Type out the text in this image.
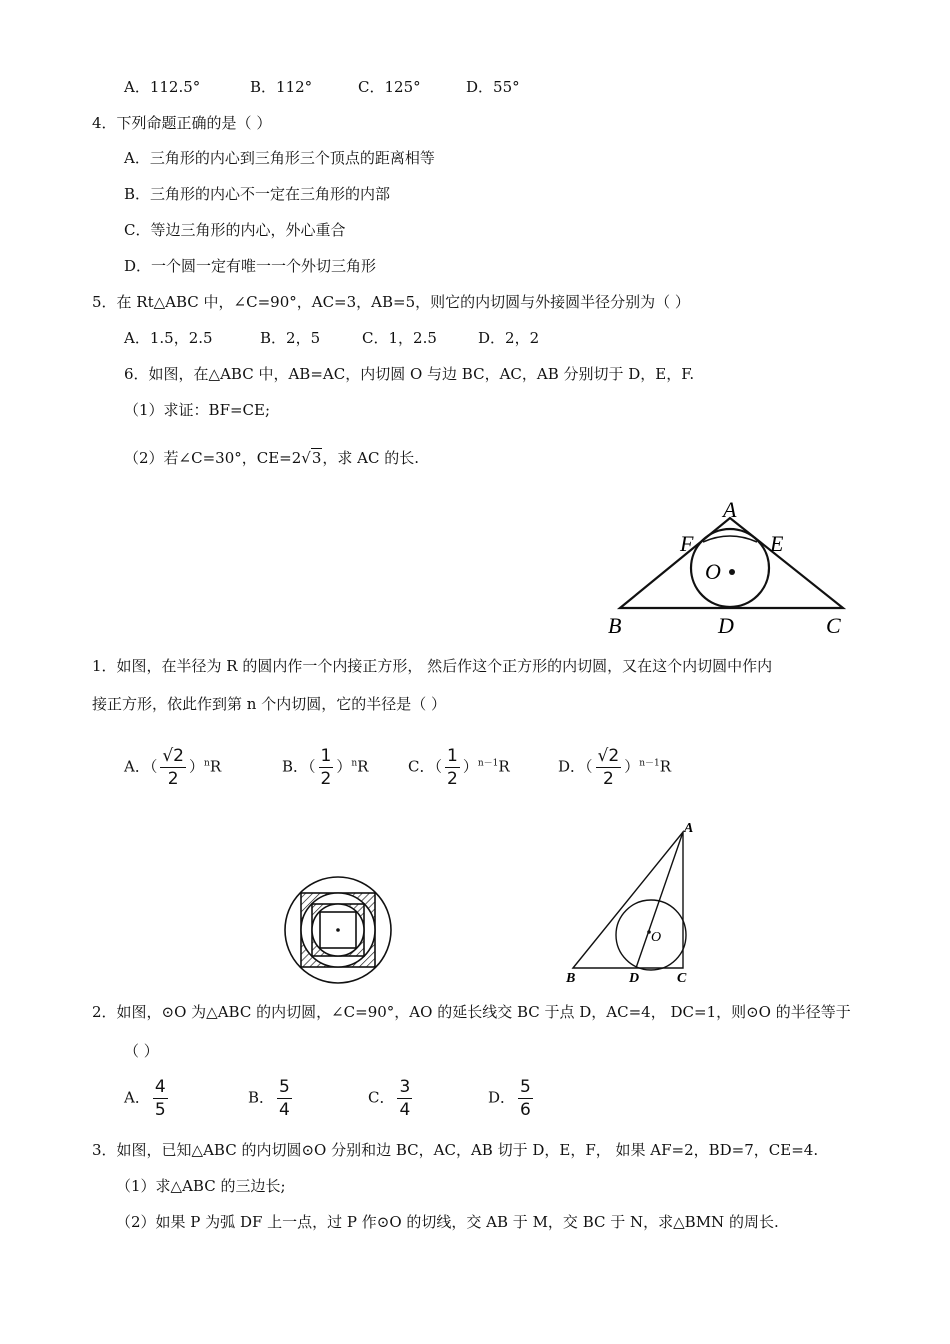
A．112.5°	B．112°	C．125°	D．55°
4．下列命题正确的是（ ）
A．三角形的内心到三角形三个顶点的距离相等
B．三角形的内心不一定在三角形的内部
C．等边三角形的内心，外心重合
D．一个圆一定有唯一一个外切三角形
5．在 Rt△ABC 中，∠C=90°，AC=3，AB=5，则它的内切圆与外接圆半径分别为（ ）
A．1.5，2.5	B．2，5	C．1，2.5	D．2，2
6．如图，在△ABC 中，AB=AC，内切圆 O 与边 BC，AC，AB 分别切于 D，E，F.
（1）求证：BF=CE;
（2）若∠C=30°，CE=2√3，求 AC 的长.
A
F	E
O
B	D	C
1．如图，在半径为 R 的圆内作一个内接正方形， 然后作这个正方形的内切圆，又在这个内切圆中作内
接正方形，依此作到第 n 个内切圆，它的半径是（ ）
A．（ $\frac{√2}{2} )^nR$	B．（ $\frac{1}{2} )^nR$	C．（ $\frac{1}{2} )^{n-1}R$	D．（ $\frac{√2}{2} )^{n-1}R$
A
O
B	D	C
2．如图，⊙O 为△ABC 的内切圆，∠C=90°，AO 的延长线交 BC 于点 D，AC=4， DC=1，则⊙O 的半径等于
（ ）
A． $\frac{4}{5}$	B． $\frac{5}{4}$	C． $\frac{3}{4}$	D． $\frac{5}{6}$
3．如图，已知△ABC 的内切圆⊙O 分别和边 BC，AC，AB 切于 D，E，F， 如果 AF=2，BD=7，CE=4.
（1）求△ABC 的三边长;
（2）如果 P 为弧 DF 上一点，过 P 作⊙O 的切线，交 AB 于 M，交 BC 于 N，求△BMN 的周长.
